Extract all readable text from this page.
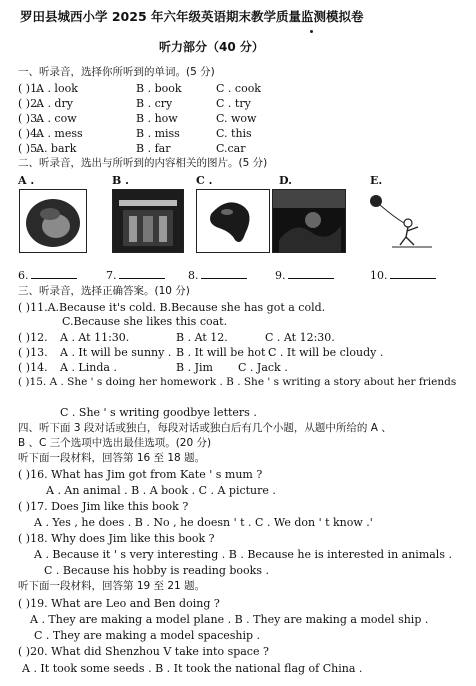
罗田县城西小学 2025 年六年级英语期末教学质量监测模拟卷
听力部分（40 分）
一、听录音，选择你所听到的单词。(5 分)
( )1.
A . look	B . book	C . cook
( )2.
A . dry	B . cry	C . try
( )3.
A . cow	B . how	C. wow
( )4.
A . mess	B . miss	C. this
( )5.
A. bark	B . far	C.car
二、听录音，选出与所听到的内容相关的图片。(5 分)
A .	B .	C .	D.	E.
6.	7.	8.	9.	10.
三、听录音，选择正确答案。(10 分)
( )11.A.Because it's cold. B.Because she has got a cold.
C.Because she likes this coat.
( )12. A . At 11:30.	B . At 12.	C . At 12:30.
( )13. A . It will be sunny . B . It will be hot .
C . It will be cloudy .
( )14. A . Linda .	B . Jim C . Jack .
( )15. A . She ' s doing her homework . B . She ' s writing a story about her friends
C . She ' s writing goodbye letters .
四、听下面 3 段对话或独白，每段对话或独白后有几个小题，从题中所给的 A 、
B 、C 三个选项中选出最佳选项。(20 分)
听下面一段材料，回答第 16 至 18 题。
( )16. What has Jim got from Kate ' s mum ?
A . An animal . B . A book . C . A picture .
( )17. Does Jim like this book ?
A . Yes , he does . B . No , he doesn ' t . C . We don ' t know .'
( )18. Why does Jim like this book ?
A . Because it ' s very interesting . B . Because he is interested in animals .
C . Because his hobby is reading books .
听下面一段材料，回答第 19 至 21 题。
( )19. What are Leo and Ben doing ?
A . They are making a model plane . B . They are making a model ship .
C . They are making a model spaceship .
( )20. What did Shenzhou V take into space ?
A . It took some seeds . B . It took the national flag of China .
